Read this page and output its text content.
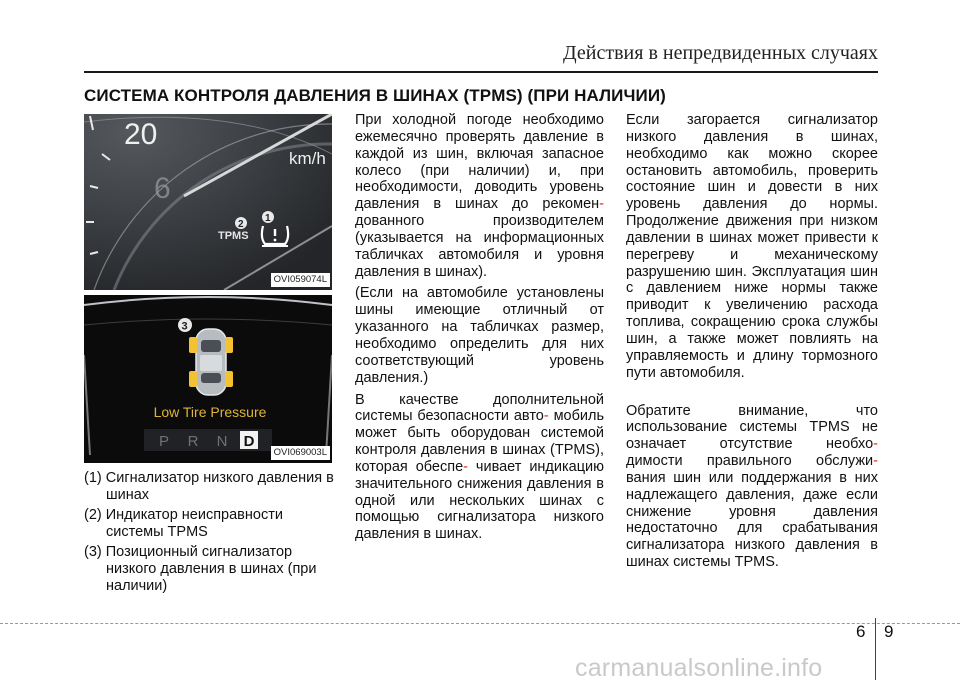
Действия в непредвиденных случаях
СИСТЕМА КОНТРОЛЯ ДАВЛЕНИЯ В ШИНАХ (TPMS) (ПРИ НАЛИЧИИ)
20
km/h
6
TPMS
2
1
OVI059074L
3
Low Tire Pressure
P R N D
OVI069003L
(1) Сигнализатор низкого давления в шинах
(2) Индикатор неисправности системы TPMS
(3) Позиционный сигнализатор низкого давления в шинах (при наличии)

При холодной погоде необходимо ежемесячно проверять давление в каждой из шин, включая запасное колесо (при наличии) и, при необходимости, доводить уровень давления в шинах до рекомен- дованного производителем (указывается на информационных табличках автомобиля и уровня давления в шинах).

(Если на автомобиле установлены шины имеющие отличный от указанного на табличках размер, необходимо определить для них соответствующий уровень давления.)

В качестве дополнительной системы безопасности авто- мобиль может быть оборудован системой контроля давления в шинах (TPMS), которая обеспе- чивает индикацию значительного снижения давления в одной или нескольких шинах с помощью сигнализатора низкого давления в шинах.

Если загорается сигнализатор низкого давления в шинах, необходимо как можно скорее остановить автомобиль, проверить состояние шин и довести в них уровень давления до нормы. Продолжение движения при низком давлении в шинах может привести к перегреву и механическому разрушению шин. Эксплуатация шин с давлением ниже нормы также приводит к увеличению расхода топлива, сокращению срока службы шин, а также может повлиять на управляемость и длину тормозного пути автомобиля.

Обратите внимание, что использование системы TPMS не означает отсутствие необхо- димости правильного обслужи- вания шин или поддержания в них надлежащего давления, даже если снижение уровня давления недостаточно для срабатывания сигнализатора низкого давления в шинах системы TPMS.

6 9
carmanualsonline.info
